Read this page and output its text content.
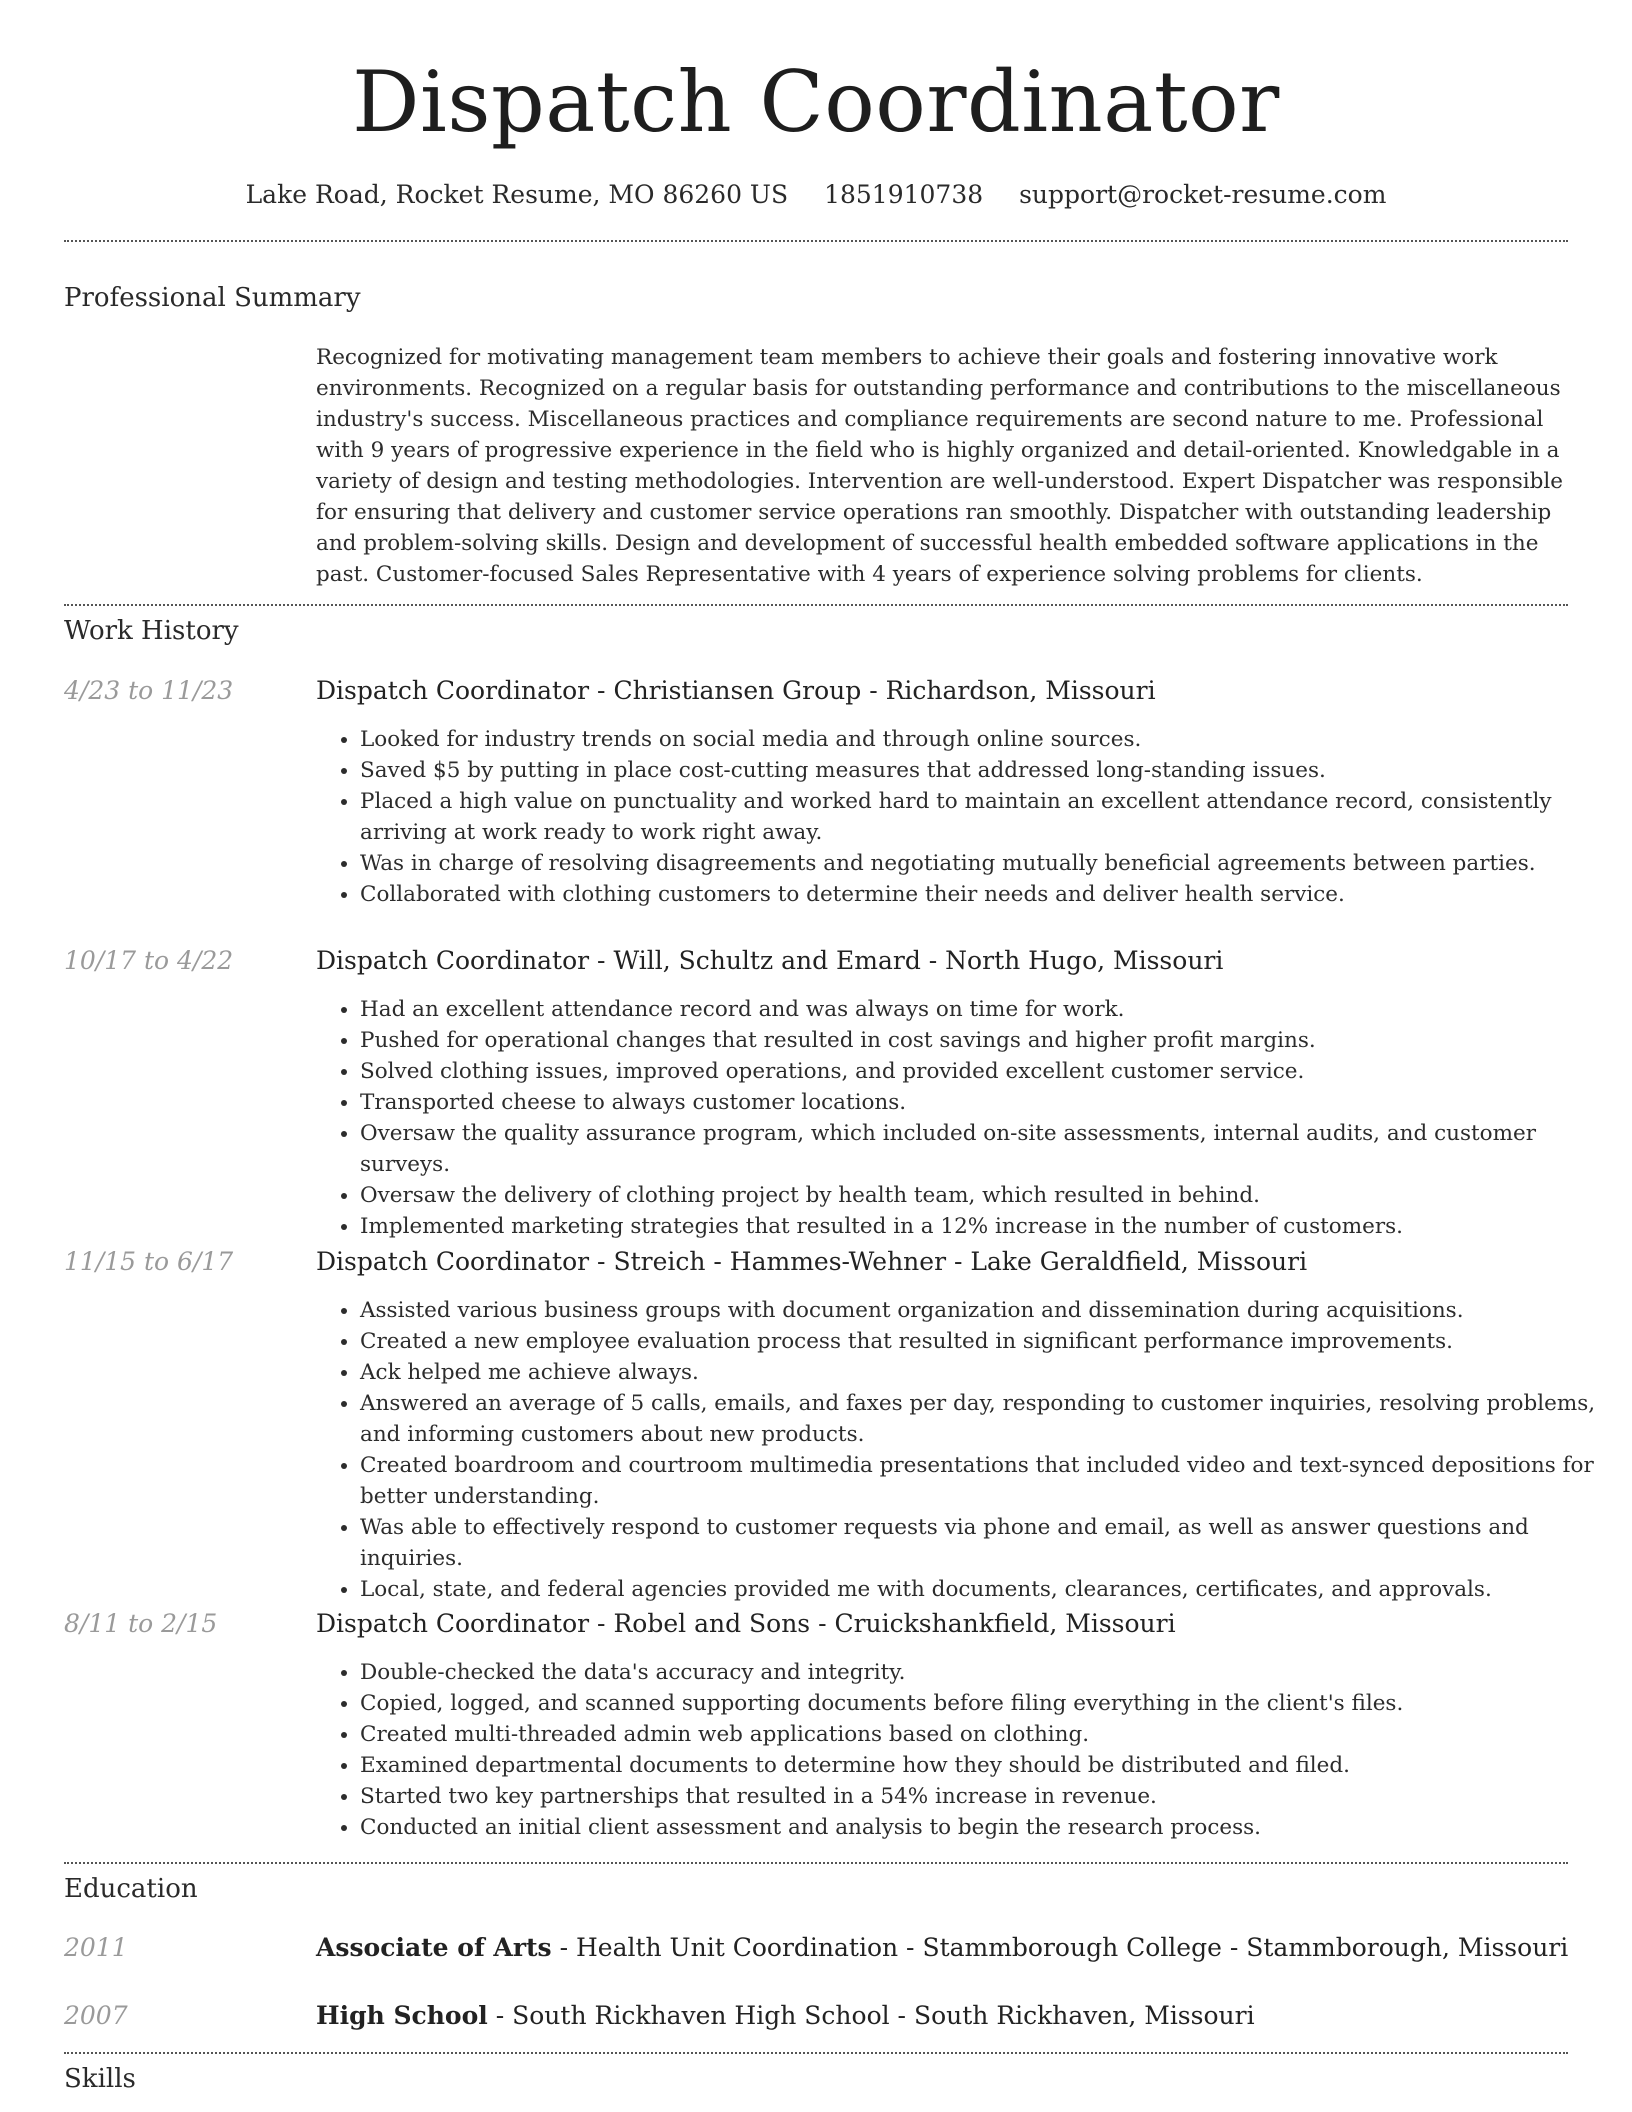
Dispatch Coordinator
Lake Road, Rocket Resume, MO 86260 US 1851910738 support@rocket-resume.com
Professional Summary
Recognized for motivating management team members to achieve their goals and fostering innovative work environments. Recognized on a regular basis for outstanding performance and contributions to the miscellaneous industry's success. Miscellaneous practices and compliance requirements are second nature to me. Professional with 9 years of progressive experience in the field who is highly organized and detail-oriented. Knowledgable in a variety of design and testing methodologies. Intervention are well-understood. Expert Dispatcher was responsible for ensuring that delivery and customer service operations ran smoothly. Dispatcher with outstanding leadership and problem-solving skills. Design and development of successful health embedded software applications in the past. Customer-focused Sales Representative with 4 years of experience solving problems for clients.
Work History
4/23 to 11/23	Dispatch Coordinator - Christiansen Group - Richardson, Missouri
• Looked for industry trends on social media and through online sources.
• Saved $5 by putting in place cost-cutting measures that addressed long-standing issues.
• Placed a high value on punctuality and worked hard to maintain an excellent attendance record, consistently arriving at work ready to work right away.
• Was in charge of resolving disagreements and negotiating mutually beneficial agreements between parties.
• Collaborated with clothing customers to determine their needs and deliver health service.
10/17 to 4/22	Dispatch Coordinator - Will, Schultz and Emard - North Hugo, Missouri
• Had an excellent attendance record and was always on time for work.
• Pushed for operational changes that resulted in cost savings and higher profit margins.
• Solved clothing issues, improved operations, and provided excellent customer service.
• Transported cheese to always customer locations.
• Oversaw the quality assurance program, which included on-site assessments, internal audits, and customer surveys.
• Oversaw the delivery of clothing project by health team, which resulted in behind.
• Implemented marketing strategies that resulted in a 12% increase in the number of customers.
11/15 to 6/17	Dispatch Coordinator - Streich - Hammes-Wehner - Lake Geraldfield, Missouri
• Assisted various business groups with document organization and dissemination during acquisitions.
• Created a new employee evaluation process that resulted in significant performance improvements.
• Ack helped me achieve always.
• Answered an average of 5 calls, emails, and faxes per day, responding to customer inquiries, resolving problems, and informing customers about new products.
• Created boardroom and courtroom multimedia presentations that included video and text-synced depositions for better understanding.
• Was able to effectively respond to customer requests via phone and email, as well as answer questions and inquiries.
• Local, state, and federal agencies provided me with documents, clearances, certificates, and approvals.
8/11 to 2/15	Dispatch Coordinator - Robel and Sons - Cruickshankfield, Missouri
• Double-checked the data's accuracy and integrity.
• Copied, logged, and scanned supporting documents before filing everything in the client's files.
• Created multi-threaded admin web applications based on clothing.
• Examined departmental documents to determine how they should be distributed and filed.
• Started two key partnerships that resulted in a 54% increase in revenue.
• Conducted an initial client assessment and analysis to begin the research process.
Education
2011	Associate of Arts - Health Unit Coordination - Stammborough College - Stammborough, Missouri
2007	High School - South Rickhaven High School - South Rickhaven, Missouri
Skills
